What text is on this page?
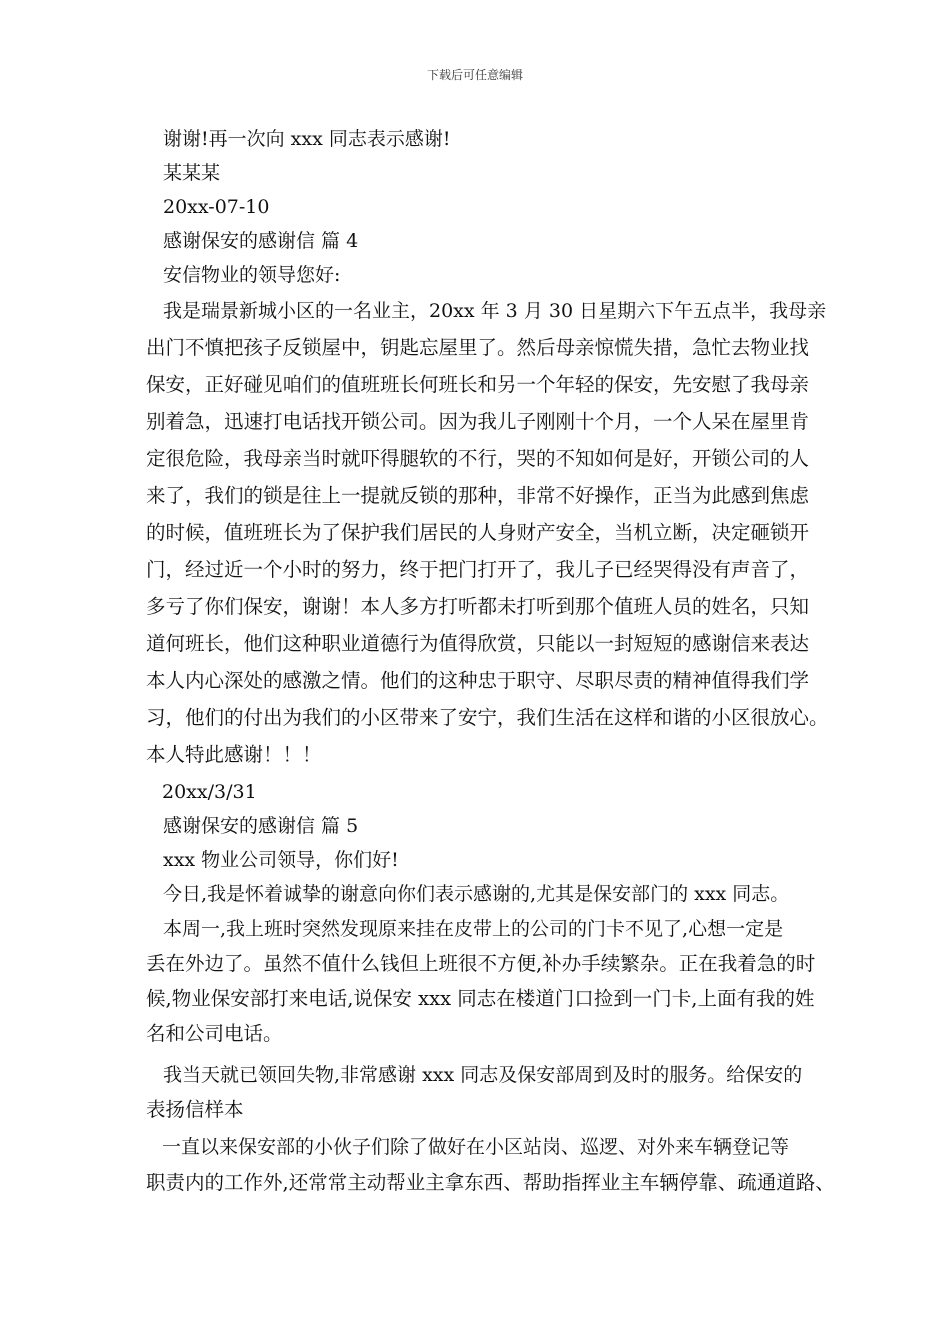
下载后可任意编辑
谢谢!再一次向 xxx 同志表示感谢!
某某某
20xx-07-10
感谢保安的感谢信 篇 4
安信物业的领导您好:
我是瑞景新城小区的一名业主，20xx 年 3 月 30 日星期六下午五点半，我母亲
出门不慎把孩子反锁屋中，钥匙忘屋里了。然后母亲惊慌失措，急忙去物业找
保安，正好碰见咱们的值班班长何班长和另一个年轻的保安，先安慰了我母亲
别着急，迅速打电话找开锁公司。因为我儿子刚刚十个月，一个人呆在屋里肯
定很危险，我母亲当时就吓得腿软的不行，哭的不知如何是好，开锁公司的人
来了，我们的锁是往上一提就反锁的那种，非常不好操作，正当为此感到焦虑
的时候，值班班长为了保护我们居民的人身财产安全，当机立断，决定砸锁开
门，经过近一个小时的努力，终于把门打开了，我儿子已经哭得没有声音了，
多亏了你们保安，谢谢！本人多方打听都未打听到那个值班人员的姓名，只知
道何班长，他们这种职业道德行为值得欣赏，只能以一封短短的感谢信来表达
本人内心深处的感激之情。他们的这种忠于职守、尽职尽责的精神值得我们学
习，他们的付出为我们的小区带来了安宁，我们生活在这样和谐的小区很放心。
本人特此感谢！！！
20xx/3/31
感谢保安的感谢信 篇 5
xxx 物业公司领导，你们好!
今日,我是怀着诚挚的谢意向你们表示感谢的,尤其是保安部门的 xxx 同志。
本周一,我上班时突然发现原来挂在皮带上的公司的门卡不见了,心想一定是
丢在外边了。虽然不值什么钱但上班很不方便,补办手续繁杂。正在我着急的时
候,物业保安部打来电话,说保安 xxx 同志在楼道门口捡到一门卡,上面有我的姓
名和公司电话。
我当天就已领回失物,非常感谢 xxx 同志及保安部周到及时的服务。给保安的
表扬信样本
一直以来保安部的小伙子们除了做好在小区站岗、巡逻、对外来车辆登记等
职责内的工作外,还常常主动帮业主拿东西、帮助指挥业主车辆停靠、疏通道路、
